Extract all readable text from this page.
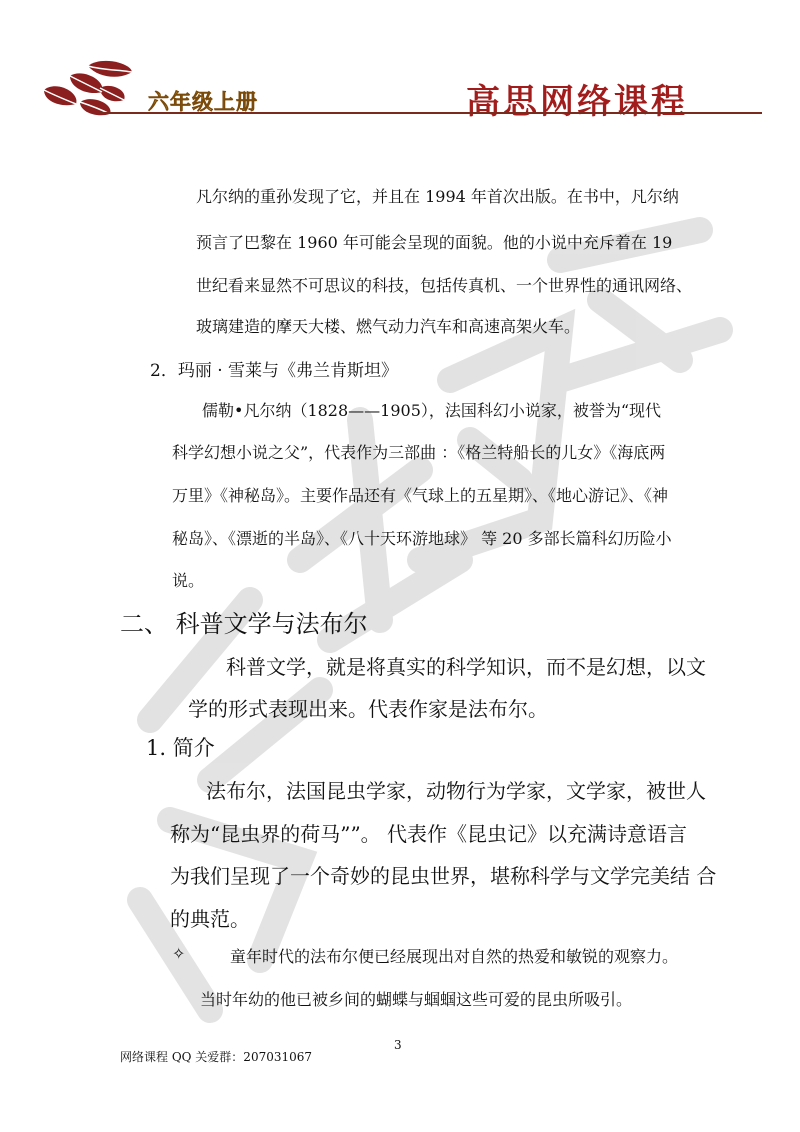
六年级上册	高思网络课程
凡尔纳的重孙发现了它，并且在 1994 年首次出版。在书中，凡尔纳
预言了巴黎在 1960 年可能会呈现的面貌。他的小说中充斥着在 19
世纪看来显然不可思议的科技，包括传真机、一个世界性的通讯网络、
玻璃建造的摩天大楼、燃气动力汽车和高速高架火车。
2．玛丽 · 雪莱与《弗兰肯斯坦》
儒勒•凡尔纳（1828——1905），法国科幻小说家，被誉为“现代
科学幻想小说之父”，代表作为三部曲 ：《格兰特船长的儿女》《海底两
万里》《神秘岛》。主要作品还有《气球上的五星期》、《地心游记》、《神
秘岛》、《漂逝的半岛》、《八十天环游地球》 等 20 多部长篇科幻历险小
说。
二、 科普文学与法布尔
科普文学，就是将真实的科学知识，而不是幻想，以文
学的形式表现出来。代表作家是法布尔。
1. 简介
法布尔，法国昆虫学家，动物行为学家，文学家，被世人
称为“昆虫界的荷马””。 代表作《昆虫记》以充满诗意语言
为我们呈现了一个奇妙的昆虫世界，堪称科学与文学完美结 合
的典范。
✧	童年时代的法布尔便已经展现出对自然的热爱和敏锐的观察力。
当时年幼的他已被乡间的蝴蝶与蝈蝈这些可爱的昆虫所吸引。
3
网络课程 QQ 关爱群：207031067
